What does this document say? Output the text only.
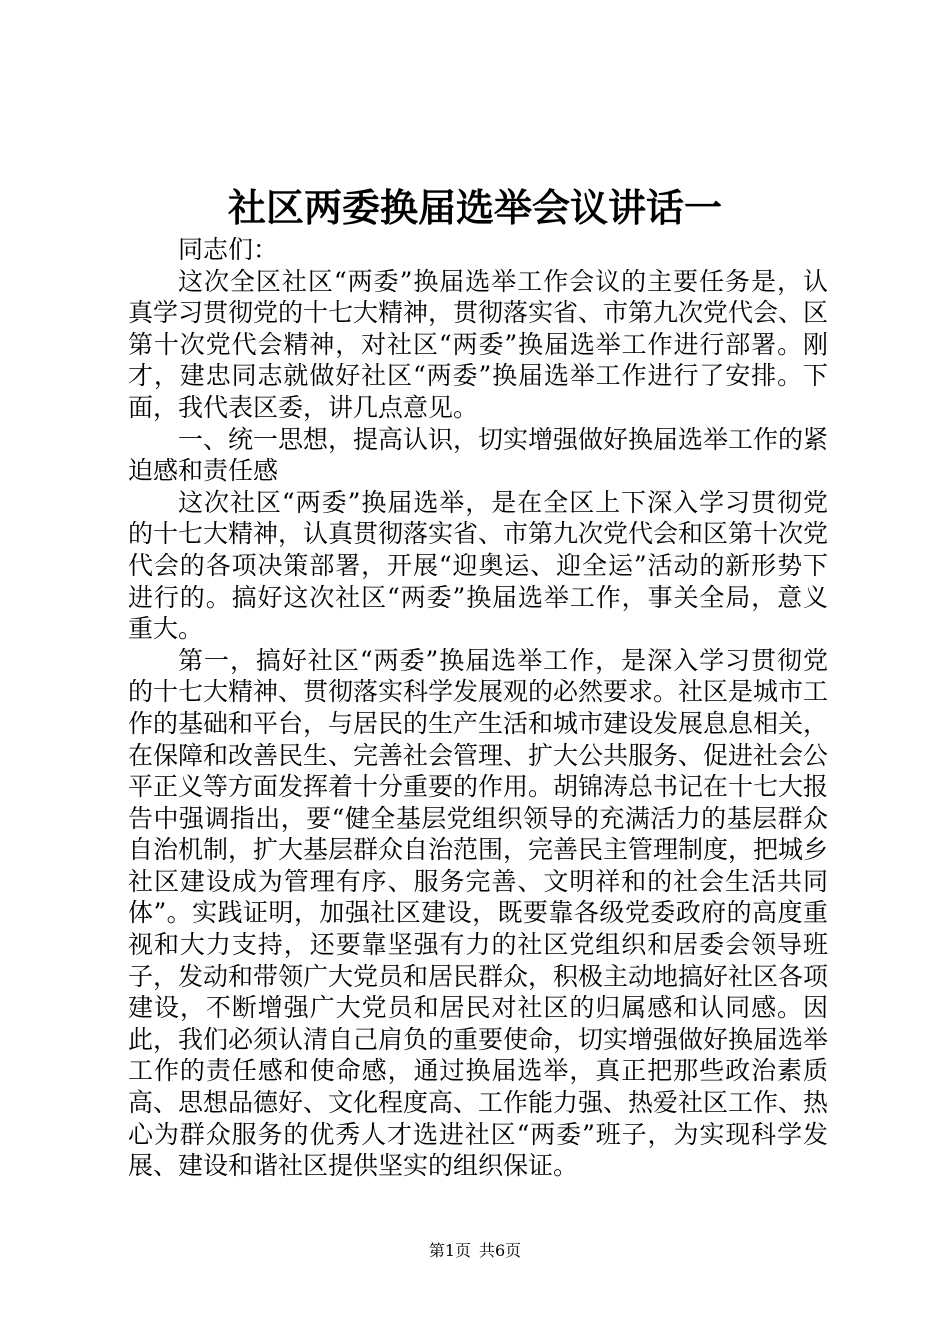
社区两委换届选举会议讲话一

同志们：

这次全区社区“两委”换届选举工作会议的主要任务是，认真学习贯彻党的十七大精神，贯彻落实省、市第九次党代会、区第十次党代会精神，对社区“两委”换届选举工作进行部署。刚才，建忠同志就做好社区“两委”换届选举工作进行了安排。下面，我代表区委，讲几点意见。

一、统一思想，提高认识，切实增强做好换届选举工作的紧迫感和责任感

这次社区“两委”换届选举，是在全区上下深入学习贯彻党的十七大精神，认真贯彻落实省、市第九次党代会和区第十次党代会的各项决策部署，开展“迎奥运、迎全运”活动的新形势下进行的。搞好这次社区“两委”换届选举工作，事关全局，意义重大。

第一，搞好社区“两委”换届选举工作，是深入学习贯彻党的十七大精神、贯彻落实科学发展观的必然要求。社区是城市工作的基础和平台，与居民的生产生活和城市建设发展息息相关，在保障和改善民生、完善社会管理、扩大公共服务、促进社会公平正义等方面发挥着十分重要的作用。胡锦涛总书记在十七大报告中强调指出，要“健全基层党组织领导的充满活力的基层群众自治机制，扩大基层群众自治范围，完善民主管理制度，把城乡社区建设成为管理有序、服务完善、文明祥和的社会生活共同体”。实践证明，加强社区建设，既要靠各级党委政府的高度重视和大力支持，还要靠坚强有力的社区党组织和居委会领导班子，发动和带领广大党员和居民群众，积极主动地搞好社区各项建设，不断增强广大党员和居民对社区的归属感和认同感。因此，我们必须认清自己肩负的重要使命，切实增强做好换届选举工作的责任感和使命感，通过换届选举，真正把那些政治素质高、思想品德好、文化程度高、工作能力强、热爱社区工作、热心为群众服务的优秀人才选进社区“两委”班子，为实现科学发展、建设和谐社区提供坚实的组织保证。

第1页 共6页
